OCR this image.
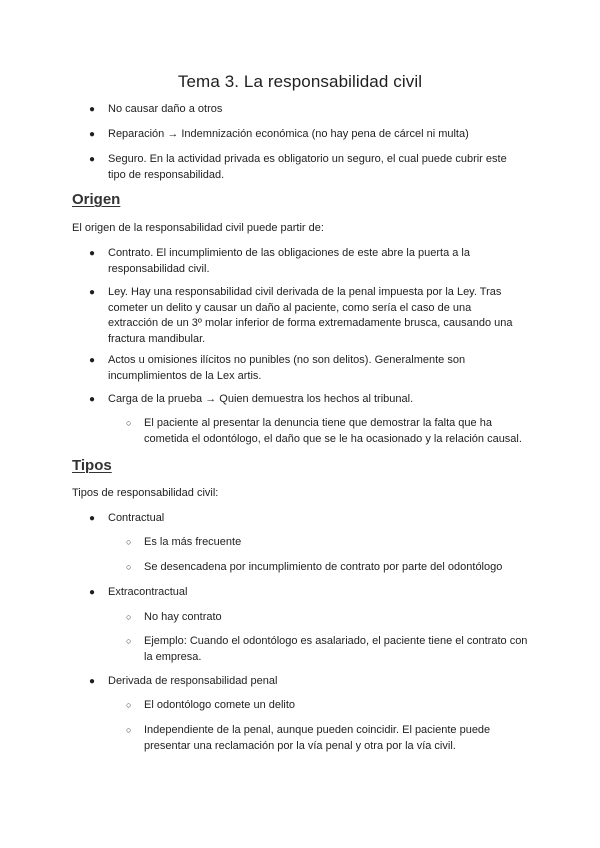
Tema 3. La responsabilidad civil
● No causar daño a otros

● Reparación → Indemnización económica (no hay pena de cárcel ni multa)

● Seguro. En la actividad privada es obligatorio un seguro, el cual puede cubrir este tipo de responsabilidad.

Origen

El origen de la responsabilidad civil puede partir de:

● Contrato. El incumplimiento de las obligaciones de este abre la puerta a la responsabilidad civil.

● Ley. Hay una responsabilidad civil derivada de la penal impuesta por la Ley. Tras cometer un delito y causar un daño al paciente, como sería el caso de una extracción de un 3º molar inferior de forma extremadamente brusca, causando una fractura mandibular.

● Actos u omisiones ilícitos no punibles (no son delitos). Generalmente son incumplimientos de la Lex artis.

● Carga de la prueba → Quien demuestra los hechos al tribunal.

○ El paciente al presentar la denuncia tiene que demostrar la falta que ha cometida el odontólogo, el daño que se le ha ocasionado y la relación causal.

Tipos

Tipos de responsabilidad civil:

● Contractual

○ Es la más frecuente

○ Se desencadena por incumplimiento de contrato por parte del odontólogo

● Extracontractual

○ No hay contrato

○ Ejemplo: Cuando el odontólogo es asalariado, el paciente tiene el contrato con la empresa.

● Derivada de responsabilidad penal

○ El odontólogo comete un delito

○ Independiente de la penal, aunque pueden coincidir. El paciente puede presentar una reclamación por la vía penal y otra por la vía civil.
